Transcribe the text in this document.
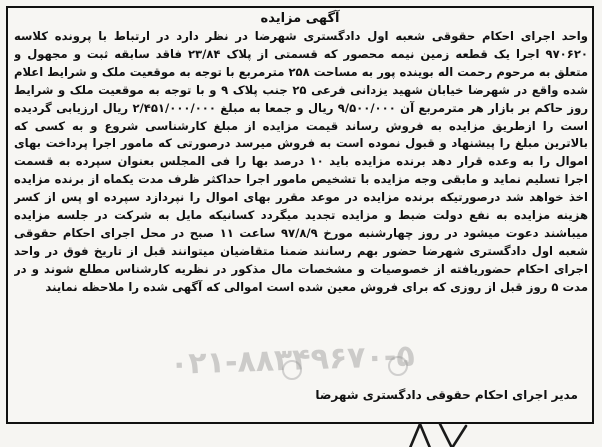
آگهی مزایده
واحد اجرای احکام حقوقی شعبه اول دادگستری شهرضا در نظر دارد در ارتباط با پرونده کلاسه ۹۷۰۶۲۰ اجرا یک قطعه زمین نیمه محصور که قسمتی از پلاک ۲۳/۸۴ فاقد سابقه ثبت و مجهول و متعلق به مرحوم رحمت اله بوینده پور به مساحت ۲۵۸ مترمربع با توجه به موقعیت ملک و شرایط اعلام شده واقع در شهرضا خیابان شهید یزدانی فرعی ۲۵ جنب پلاک ۹ و با توجه به موقعیت ملک و شرایط روز حاکم بر بازار هر مترمربع آن ۹/۵۰۰/۰۰۰ ریال و جمعا به مبلغ ۲/۴۵۱/۰۰۰/۰۰۰ ریال ارزیابی گردیده است را ازطریق مزایده به فروش رساند قیمت مزایده از مبلغ کارشناسی شروع و به کسی که بالاترین مبلغ را پیشنهاد و قبول نموده است به فروش میرسد درصورتی که مامور اجرا پرداخت بهای اموال را به وعده قرار دهد برنده مزایده باید ۱۰ درصد بها را فی المجلس بعنوان سپرده به قسمت اجرا تسلیم نماید و مابقی وجه مزایده با تشخیص مامور اجرا حداکثر ظرف مدت یکماه از برنده مزایده اخذ خواهد شد درصورتیکه برنده مزایده در موعد مقرر بهای اموال را نپردازد سپرده او پس از کسر هزینه مزایده به نفع دولت ضبط و مزایده تجدید میگردد کسانیکه مایل به شرکت در جلسه مزایده میباشند دعوت میشود در روز چهارشنبه مورخ ۹۷/۸/۹ ساعت ۱۱ صبح در محل اجرای احکام حقوقی شعبه اول دادگستری شهرضا حضور بهم رسانند ضمنا متقاضیان میتوانند قبل از تاریخ فوق در واحد اجرای احکام حضوریافته از خصوصیات و مشخصات مال مذکور در نظریه کارشناس مطلع شوند و در مدت ۵ روز قبل از روزی که برای فروش معین شده است اموالی که آگهی شده را ملاحظه نمایند
مدیر اجرای احکام حقوقی دادگستری شهرضا
۰۲۱-۸۸۳۴۹۶۷۰-۵
